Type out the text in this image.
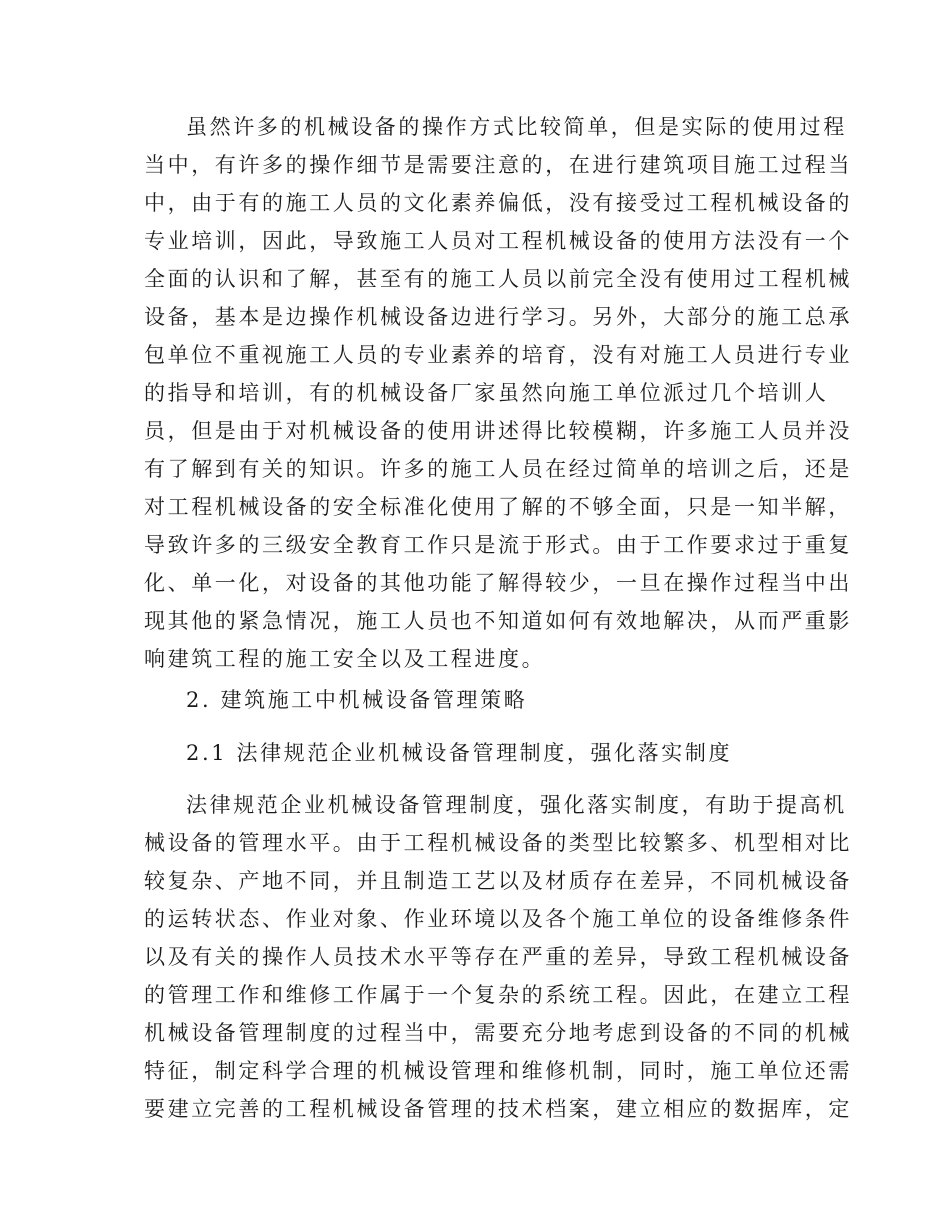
虽然许多的机械设备的操作方式比较简单，但是实际的使用过程
当中，有许多的操作细节是需要注意的，在进行建筑项目施工过程当
中，由于有的施工人员的文化素养偏低，没有接受过工程机械设备的
专业培训，因此，导致施工人员对工程机械设备的使用方法没有一个
全面的认识和了解，甚至有的施工人员以前完全没有使用过工程机械
设备，基本是边操作机械设备边进行学习。另外，大部分的施工总承
包单位不重视施工人员的专业素养的培育，没有对施工人员进行专业
的指导和培训，有的机械设备厂家虽然向施工单位派过几个培训人
员，但是由于对机械设备的使用讲述得比较模糊，许多施工人员并没
有了解到有关的知识。许多的施工人员在经过简单的培训之后，还是
对工程机械设备的安全标准化使用了解的不够全面，只是一知半解，
导致许多的三级安全教育工作只是流于形式。由于工作要求过于重复
化、单一化，对设备的其他功能了解得较少，一旦在操作过程当中出
现其他的紧急情况，施工人员也不知道如何有效地解决，从而严重影
响建筑工程的施工安全以及工程进度。
2. 建筑施工中机械设备管理策略
2.1 法律规范企业机械设备管理制度，强化落实制度
法律规范企业机械设备管理制度，强化落实制度，有助于提高机
械设备的管理水平。由于工程机械设备的类型比较繁多、机型相对比
较复杂、产地不同，并且制造工艺以及材质存在差异，不同机械设备
的运转状态、作业对象、作业环境以及各个施工单位的设备维修条件
以及有关的操作人员技术水平等存在严重的差异，导致工程机械设备
的管理工作和维修工作属于一个复杂的系统工程。因此，在建立工程
机械设备管理制度的过程当中，需要充分地考虑到设备的不同的机械
特征，制定科学合理的机械设管理和维修机制，同时，施工单位还需
要建立完善的工程机械设备管理的技术档案，建立相应的数据库，定
